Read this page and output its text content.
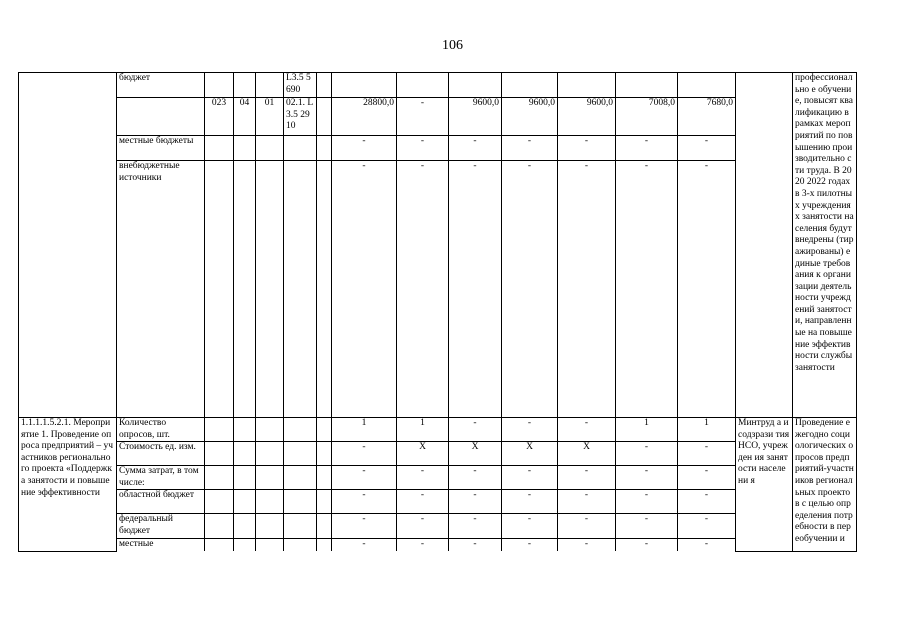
106
	бюджет				L3.5 5690										профессионально е обучение, повысят квалификацию в рамках мероприятий по повышению производительно сти труда. В 2020 2022 годах в 3-х пилотных учреждениях занятости населения будут внедрены (тиражированы) единые требования к организации деятельности учреждений занятости, направленные на повышение эффективности службы занятости
		023	04	01	02.1. L3.5 2910		28800,0	-	9600,0	9600,0	9600,0	7008,0	7680,0		
	местные бюджеты						-	-	-	-	-	-	-		
	внебюджетные источники						-	-	-	-	-	-	-		
1.1.1.1.5.2.1. Мероприятие 1. Проведение опроса предприятий – участников регионального проекта «Поддержка занятости и повышение эффективности	Количество опросов, шт.						1	1	-	-	-	1	1	Минтруд а и содзрази тия НСО, учрежден ия занятости населени я	Проведение ежегодно социологических опросов предприятий-участников региональных проектов с целью определения потребности в переобучении и
	Стоимость ед. изм.						-	X	X	X	X	-	-		
	Сумма затрат, в том числе:						-	-	-	-	-	-	-		
	областной бюджет						-	-	-	-	-	-	-		
	федеральный бюджет						-	-	-	-	-	-	-		
	местные						-	-	-	-	-	-	-		
